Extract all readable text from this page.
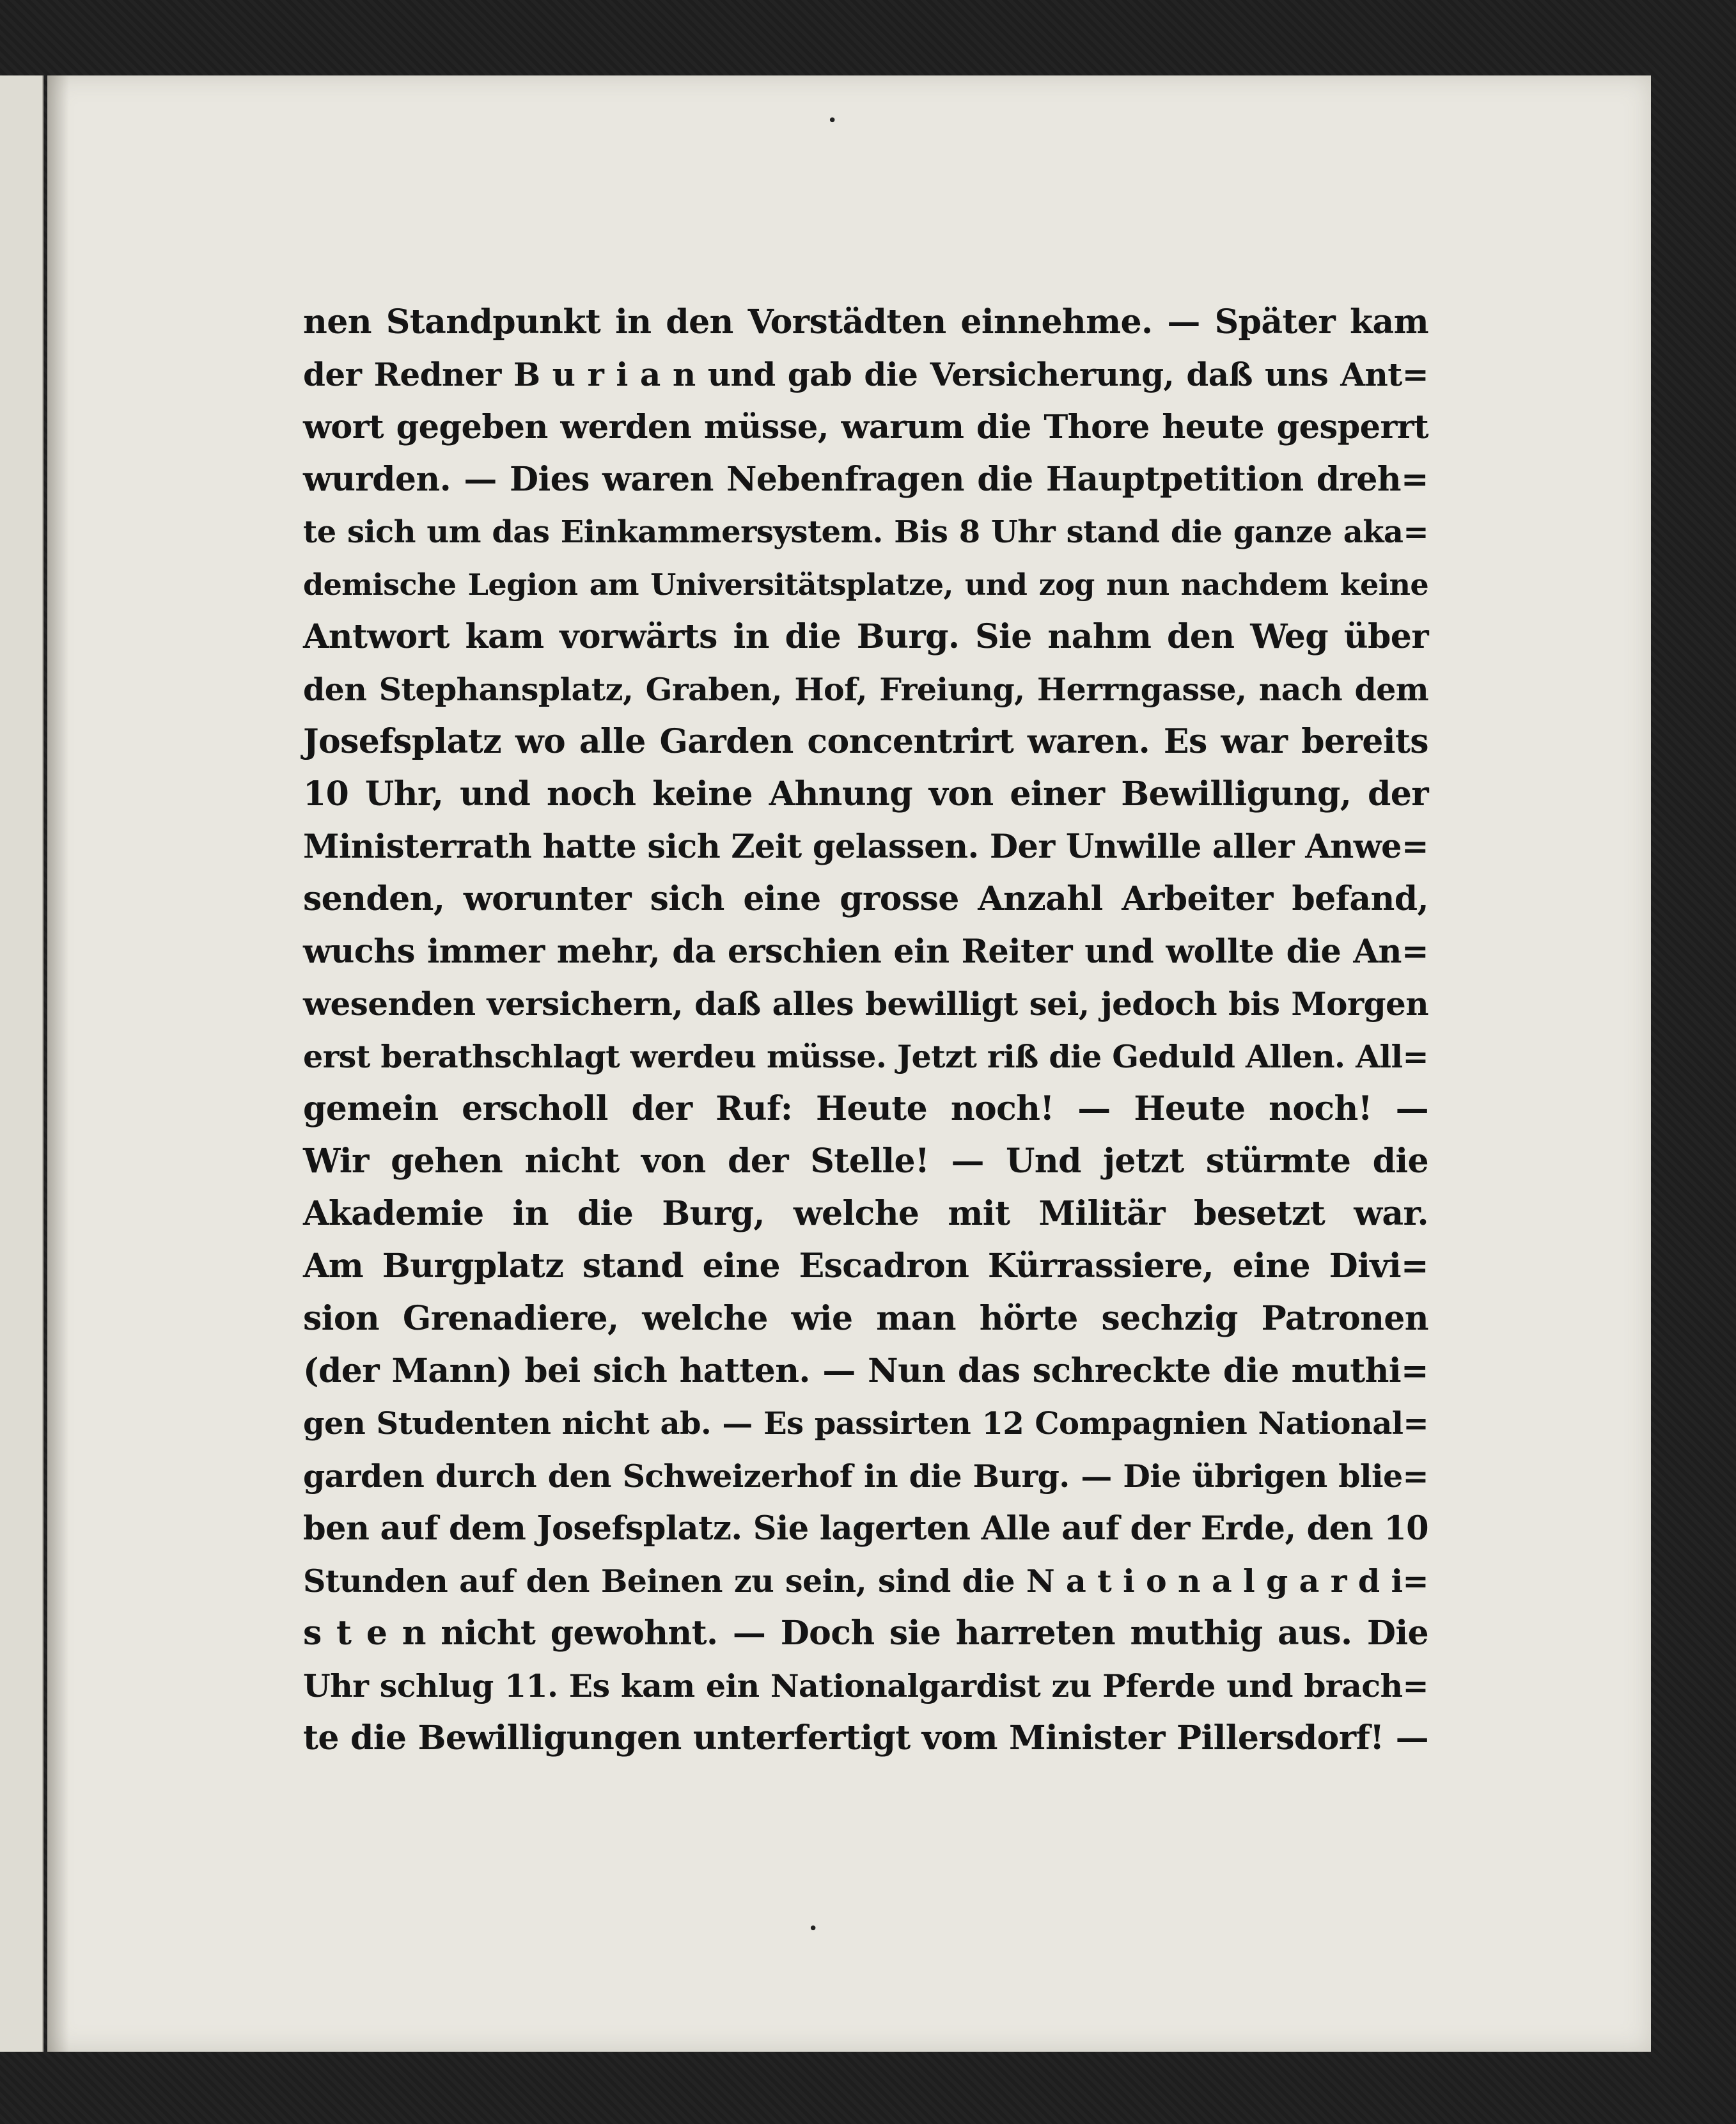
•
•
nen Standpunkt in den Vorstädten einnehme. — Später kam
der Redner B u r i a n und gab die Versicherung, daß uns Ant=
wort gegeben werden müsse, warum die Thore heute gesperrt
wurden. — Dies waren Nebenfragen die Hauptpetition dreh=
te sich um das Einkammersystem. Bis 8 Uhr stand die ganze aka=
demische Legion am Universitätsplatze, und zog nun nachdem keine
Antwort kam vorwärts in die Burg. Sie nahm den Weg über
den Stephansplatz, Graben, Hof, Freiung, Herrngasse, nach dem
Josefsplatz wo alle Garden concentrirt waren. Es war bereits
10 Uhr, und noch keine Ahnung von einer Bewilligung, der
Ministerrath hatte sich Zeit gelassen. Der Unwille aller Anwe=
senden, worunter sich eine grosse Anzahl Arbeiter befand,
wuchs immer mehr, da erschien ein Reiter und wollte die An=
wesenden versichern, daß alles bewilligt sei, jedoch bis Morgen
erst berathschlagt werdeu müsse. Jetzt riß die Geduld Allen. All=
gemein erscholl der Ruf: Heute noch! — Heute noch! —
Wir gehen nicht von der Stelle! — Und jetzt stürmte die
Akademie in die Burg, welche mit Militär besetzt war.
Am Burgplatz stand eine Escadron Kürrassiere, eine Divi=
sion Grenadiere, welche wie man hörte sechzig Patronen
(der Mann) bei sich hatten. — Nun das schreckte die muthi=
gen Studenten nicht ab. — Es passirten 12 Compagnien National=
garden durch den Schweizerhof in die Burg. — Die übrigen blie=
ben auf dem Josefsplatz. Sie lagerten Alle auf der Erde, den 10
Stunden auf den Beinen zu sein, sind die N a t i o n a l g a r d i=
s t e n nicht gewohnt. — Doch sie harreten muthig aus. Die
Uhr schlug 11. Es kam ein Nationalgardist zu Pferde und brach=
te die Bewilligungen unterfertigt vom Minister Pillersdorf! —
